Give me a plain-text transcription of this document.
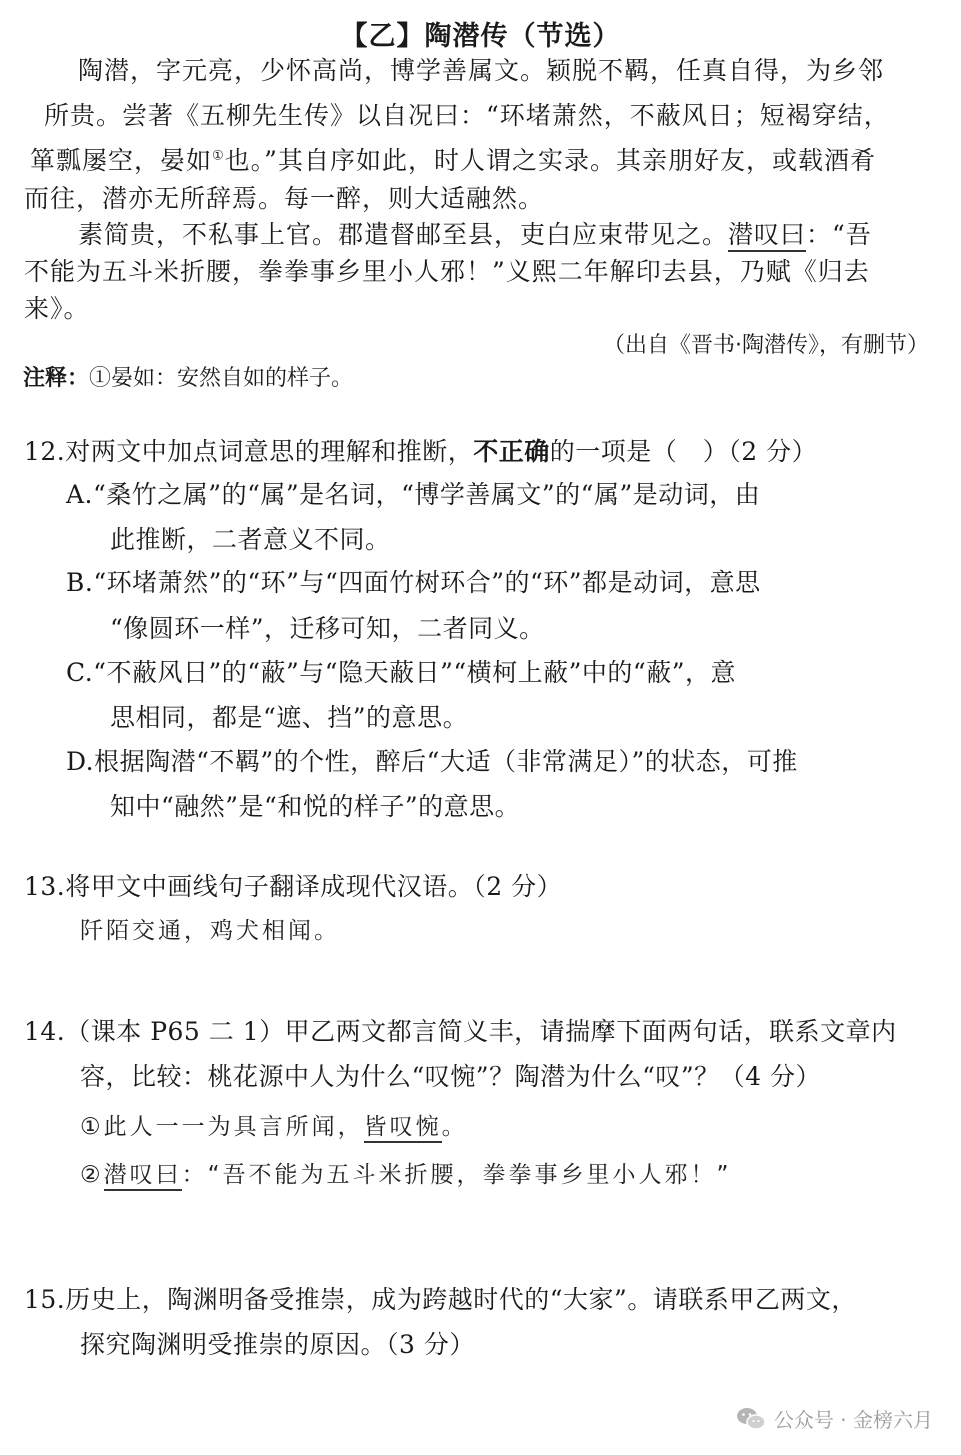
【乙】陶潜传（节选）
陶潜，字元亮，少怀高尚，博学善属文。颖脱不羁，任真自得，为乡邻
所贵。尝著《五柳先生传》以自况曰：“环堵萧然，不蔽风日；短褐穿结，
箪瓢屡空，晏如①也。”其自序如此，时人谓之实录。其亲朋好友，或载酒肴
而往，潜亦无所辞焉。每一醉，则大适融然。
素简贵，不私事上官。郡遣督邮至县，吏白应束带见之。潜叹曰：“吾
不能为五斗米折腰，拳拳事乡里小人邪！”义熙二年解印去县，乃赋《归去
来》。
（出自《晋书·陶潜传》，有删节）
注释：①晏如：安然自如的样子。
12.对两文中加点词意思的理解和推断，不正确的一项是（　）（2 分）
A.“桑竹之属”的“属”是名词，“博学善属文”的“属”是动词，由
此推断，二者意义不同。
B.“环堵萧然”的“环”与“四面竹树环合”的“环”都是动词，意思
“像圆环一样”，迁移可知，二者同义。
C.“不蔽风日”的“蔽”与“隐天蔽日”“横柯上蔽”中的“蔽”，意
思相同，都是“遮、挡”的意思。
D.根据陶潜“不羁”的个性，醉后“大适（非常满足）”的状态，可推
知中“融然”是“和悦的样子”的意思。
13.将甲文中画线句子翻译成现代汉语。（2 分）
阡陌交通，鸡犬相闻。
14.（课本 P65 二 1）甲乙两文都言简义丰，请揣摩下面两句话，联系文章内
容，比较：桃花源中人为什么“叹惋”？陶潜为什么“叹”？（4 分）
①此人一一为具言所闻，皆叹惋。
②潜叹曰：“吾不能为五斗米折腰，拳拳事乡里小人邪！”
15.历史上，陶渊明备受推崇，成为跨越时代的“大家”。请联系甲乙两文，
探究陶渊明受推崇的原因。（3 分）
公众号 · 金榜六月
